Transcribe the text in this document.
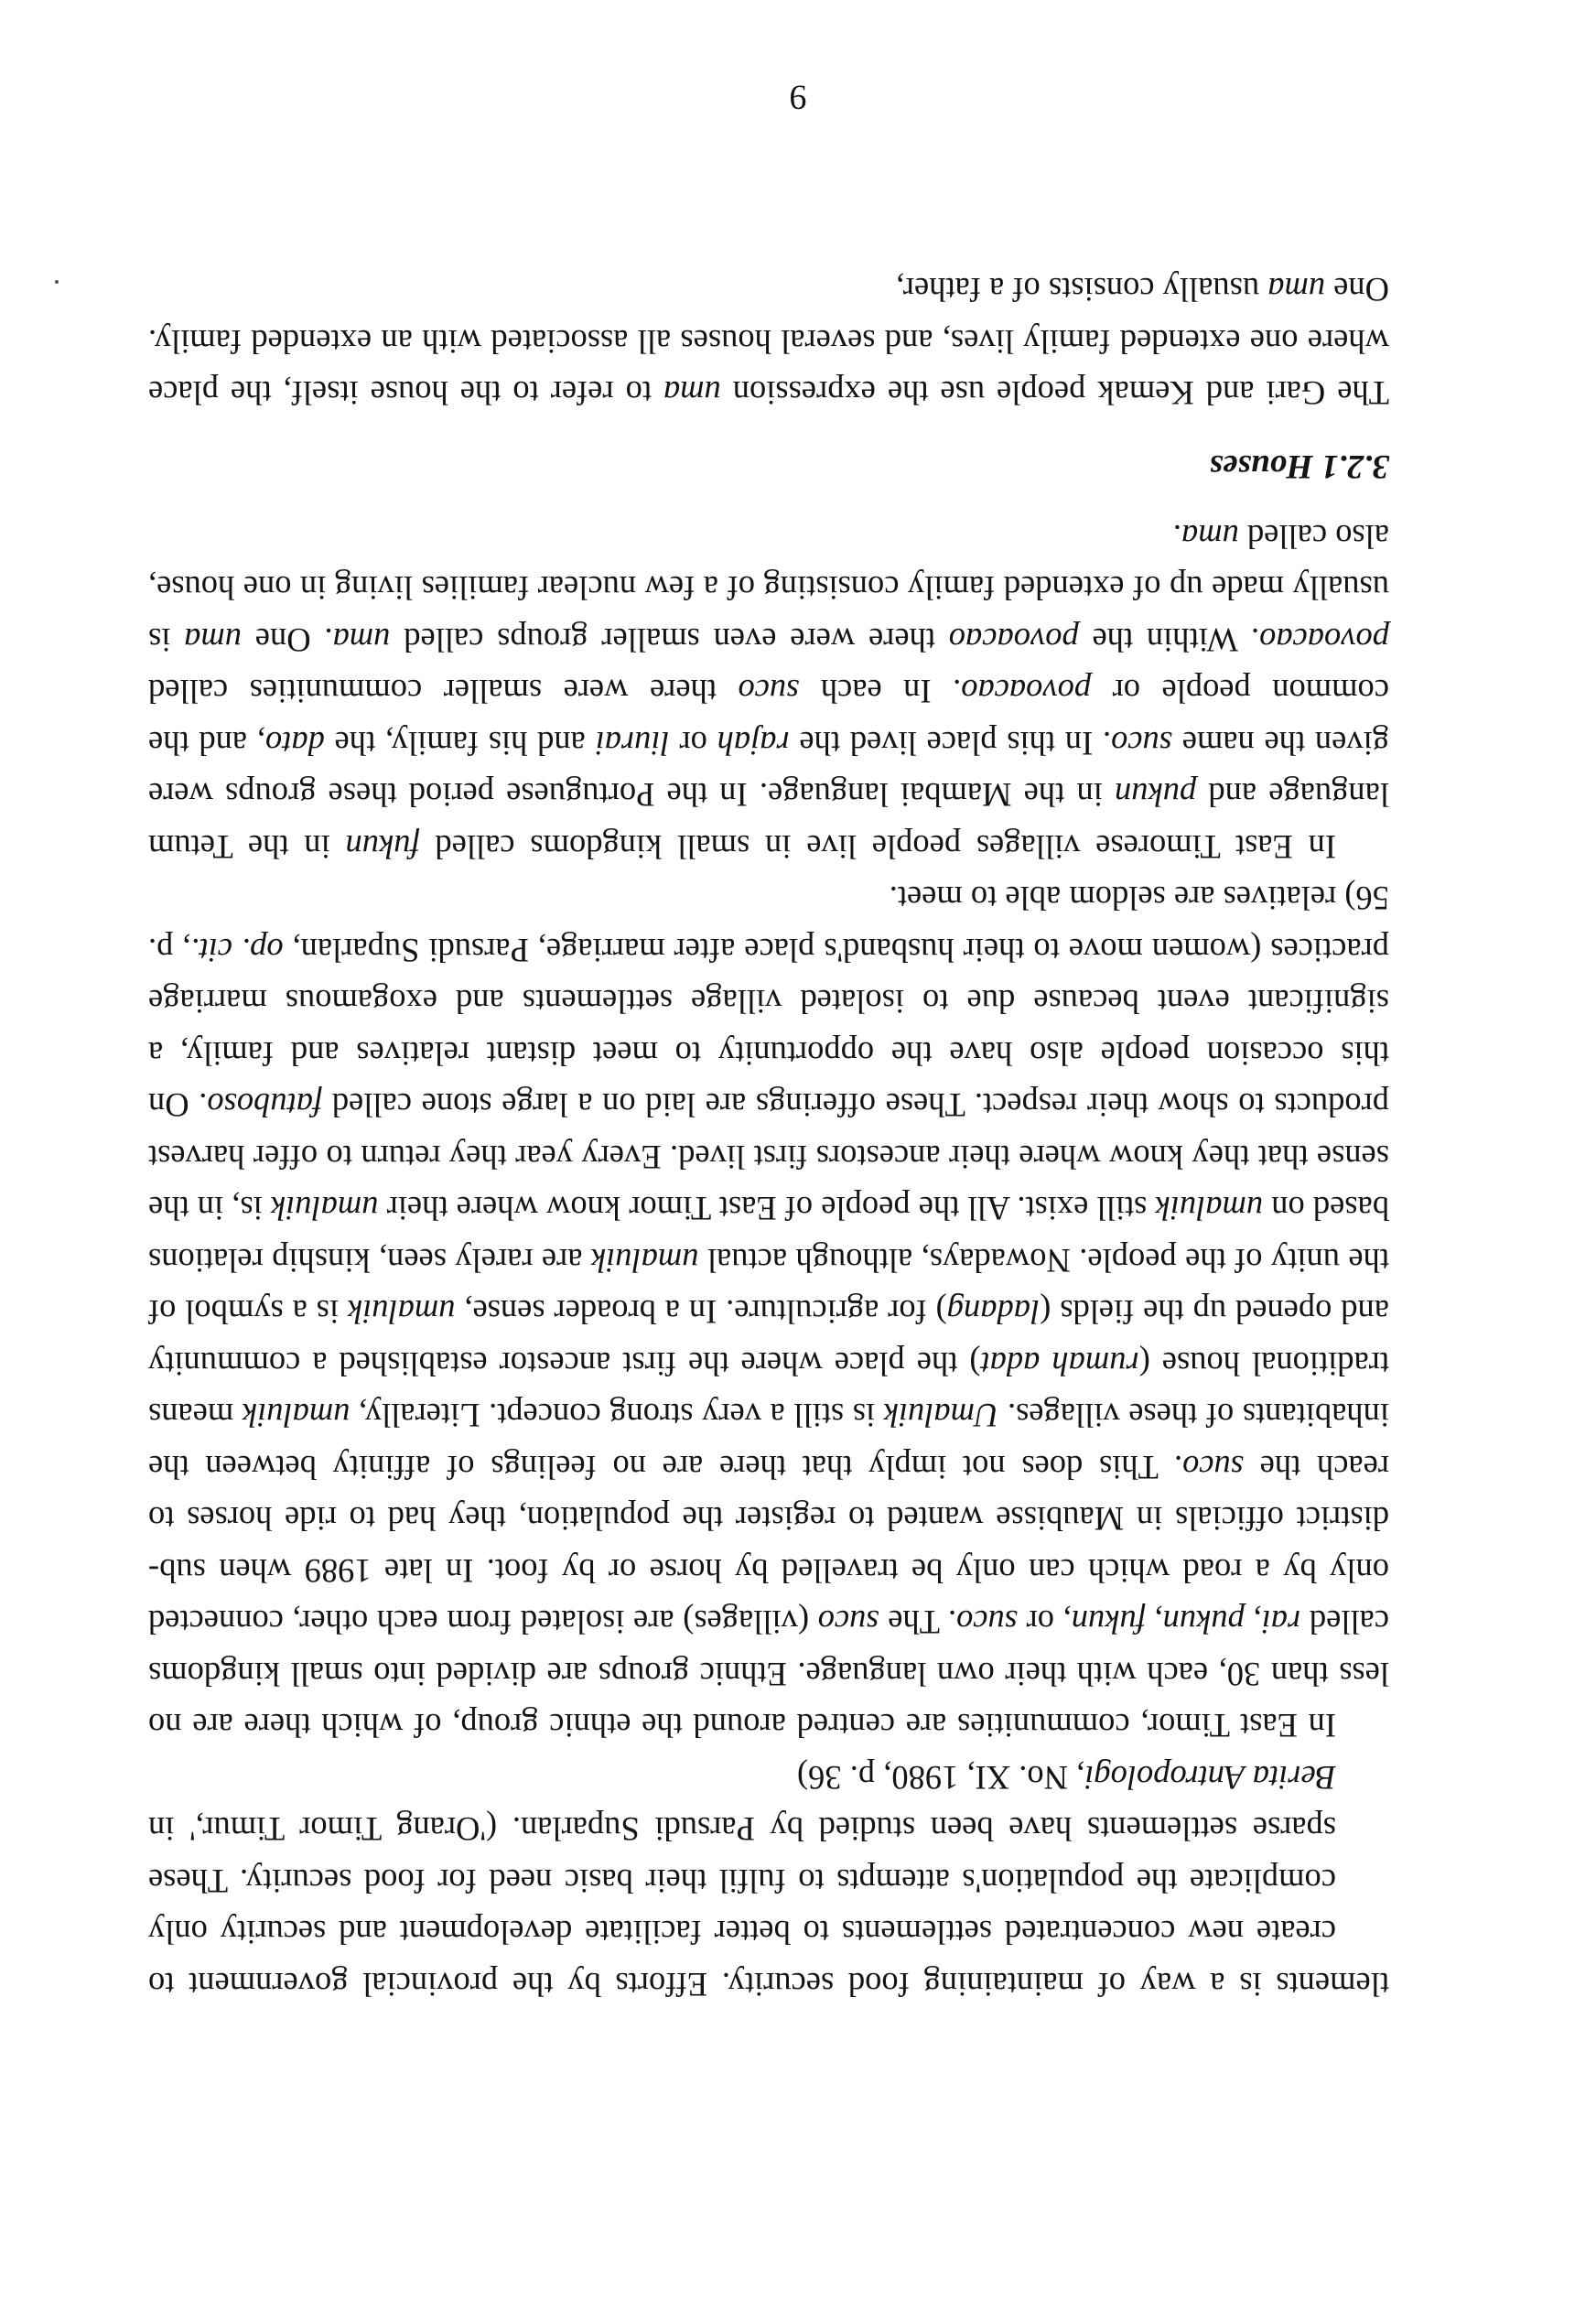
tlements is a way of maintaining food security. Efforts by the provincial government to create new concentrated settlements to better facilitate development and security only complicate the population's attempts to fulfil their basic need for food security. These sparse settlements have been studied by Parsudi Suparlan. ('Orang Timor Timur,' in Berita Antropologi, No. XI, 1980, p. 36)

In East Timor, communities are centred around the ethnic group, of which there are no less than 30, each with their own language. Ethnic groups are divided into small kingdoms called rai, pukun, fukun, or suco. The suco (villages) are isolated from each other, connected only by a road which can only be travelled by horse or by foot. In late 1989 when sub-district officials in Maubisse wanted to register the population, they had to ride horses to reach the suco. This does not imply that there are no feelings of affinity between the inhabitants of these villages. Umaluik is still a very strong concept. Literally, umaluik means traditional house (rumah adat) the place where the first ancestor established a community and opened up the fields (ladang) for agriculture. In a broader sense, umaluik is a symbol of the unity of the people. Nowadays, although actual umaluik are rarely seen, kinship relations based on umaluik still exist. All the people of East Timor know where their umaluik is, in the sense that they know where their ancestors first lived. Every year they return to offer harvest products to show their respect. These offerings are laid on a large stone called fatuboso. On this occasion people also have the opportunity to meet distant relatives and family, a significant event because due to isolated village settlements and exogamous marriage practices (women move to their husband's place after marriage, Parsudi Suparlan, op. cit., p. 56) relatives are seldom able to meet.

In East Timorese villages people live in small kingdoms called fukun in the Tetum language and pukun in the Mambai language. In the Portuguese period these groups were given the name suco. In this place lived the rajah or liurai and his family, the dato, and the common people or povoacao. In each suco there were smaller communities called povoacao. Within the povoacao there were even smaller groups called uma. One uma is usually made up of extended family consisting of a few nuclear families living in one house, also called uma.

3.2.1 Houses

The Gari and Kemak people use the expression uma to refer to the house itself, the place where one extended family lives, and several houses all associated with an extended family. One uma usually consists of a father,

9
